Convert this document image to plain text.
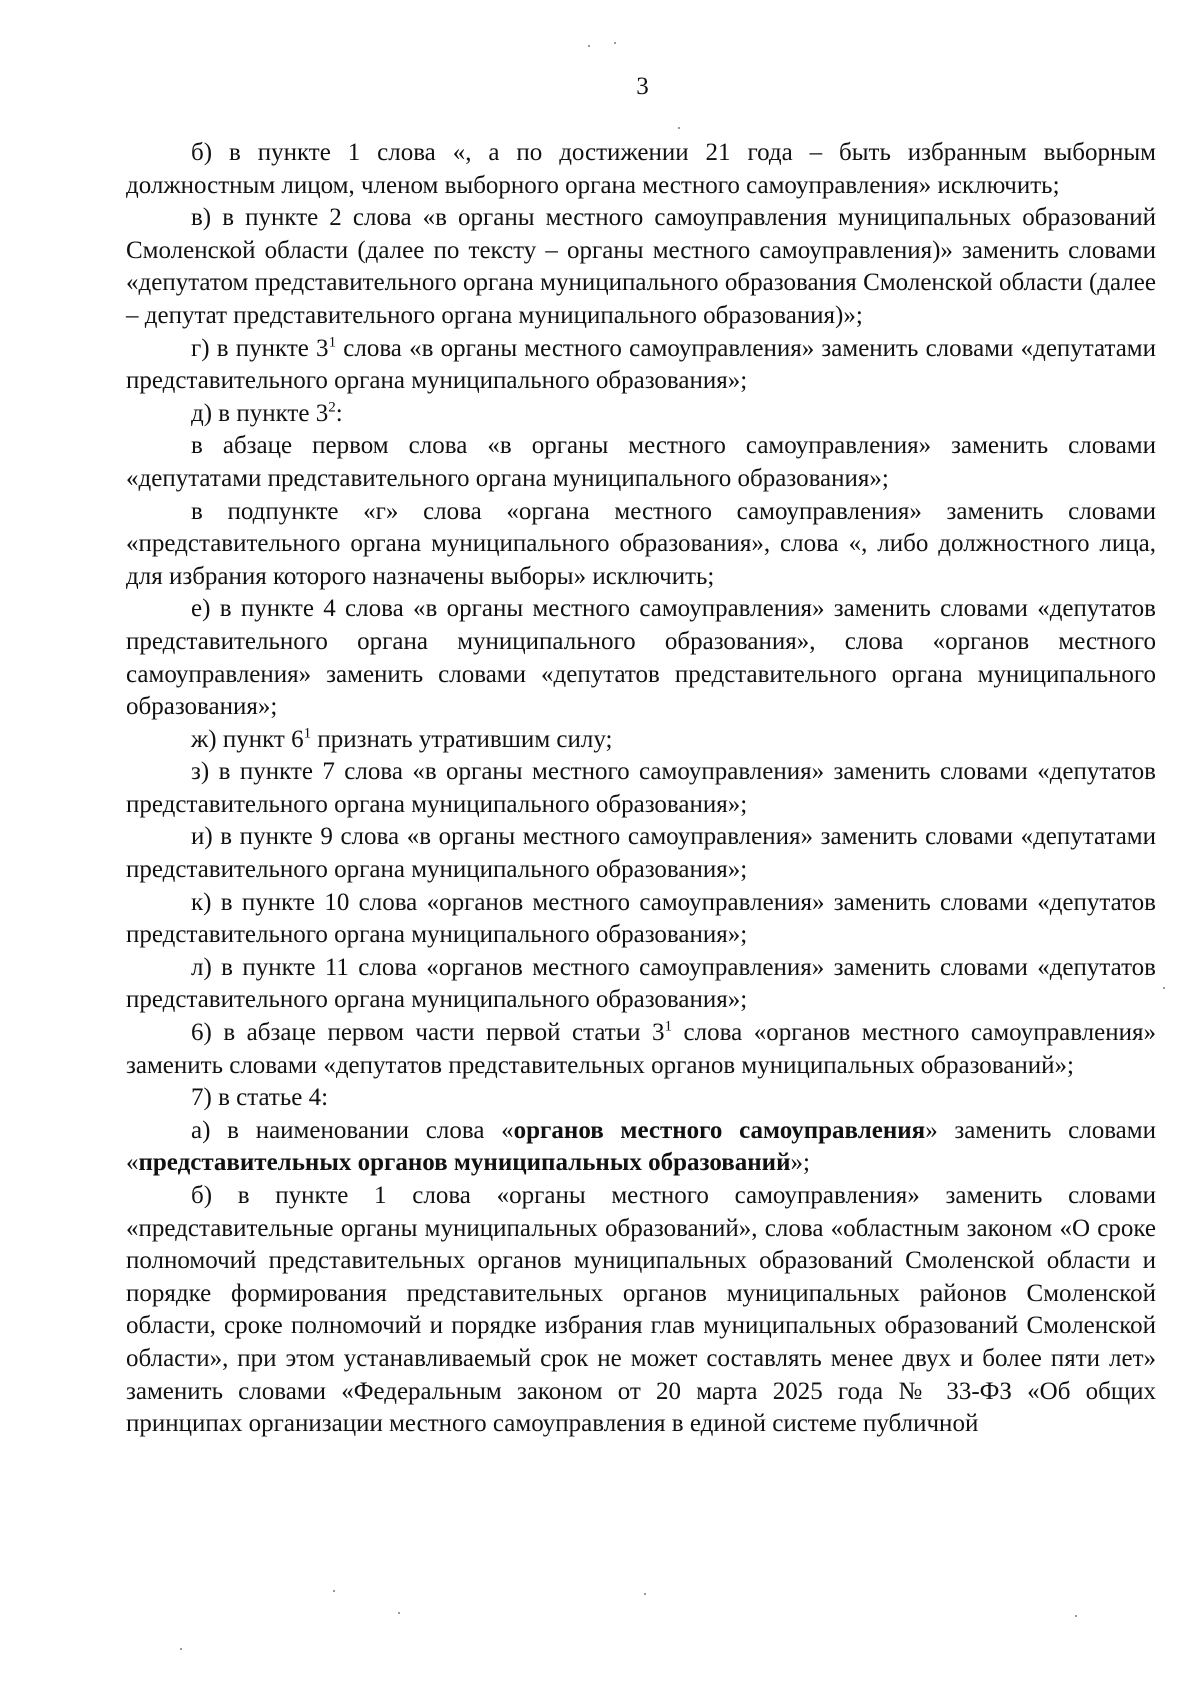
3

б) в пункте 1 слова «, а по достижении 21 года – быть избранным выборным должностным лицом, членом выборного органа местного самоуправления» исключить;

в) в пункте 2 слова «в органы местного самоуправления муниципальных образований Смоленской области (далее по тексту – органы местного самоуправления)» заменить словами «депутатом представительного органа муниципального образования Смоленской области (далее – депутат представительного органа муниципального образования)»;

г) в пункте $3^1$ слова «в органы местного самоуправления» заменить словами «депутатами представительного органа муниципального образования»;

д) в пункте $3^2$:

в абзаце первом слова «в органы местного самоуправления» заменить словами «депутатами представительного органа муниципального образования»;

в подпункте «г» слова «органа местного самоуправления» заменить словами «представительного органа муниципального образования», слова «, либо должностного лица, для избрания которого назначены выборы» исключить;

е) в пункте 4 слова «в органы местного самоуправления» заменить словами «депутатов представительного органа муниципального образования», слова «органов местного самоуправления» заменить словами «депутатов представительного органа муниципального образования»;

ж) пункт $6^1$ признать утратившим силу;

з) в пункте 7 слова «в органы местного самоуправления» заменить словами «депутатов представительного органа муниципального образования»;

и) в пункте 9 слова «в органы местного самоуправления» заменить словами «депутатами представительного органа муниципального образования»;

к) в пункте 10 слова «органов местного самоуправления» заменить словами «депутатов представительного органа муниципального образования»;

л) в пункте 11 слова «органов местного самоуправления» заменить словами «депутатов представительного органа муниципального образования»;

6) в абзаце первом части первой статьи $3^1$ слова «органов местного самоуправления» заменить словами «депутатов представительных органов муниципальных образований»;

7) в статье 4:

а) в наименовании слова «органов местного самоуправления» заменить словами «представительных органов муниципальных образований»;

б) в пункте 1 слова «органы местного самоуправления» заменить словами «представительные органы муниципальных образований», слова «областным законом «О сроке полномочий представительных органов муниципальных образований Смоленской области и порядке формирования представительных органов муниципальных районов Смоленской области, сроке полномочий и порядке избрания глав муниципальных образований Смоленской области», при этом устанавливаемый срок не может составлять менее двух и более пяти лет» заменить словами «Федеральным законом от 20 марта 2025 года № 33-ФЗ «Об общих принципах организации местного самоуправления в единой системе публичной
